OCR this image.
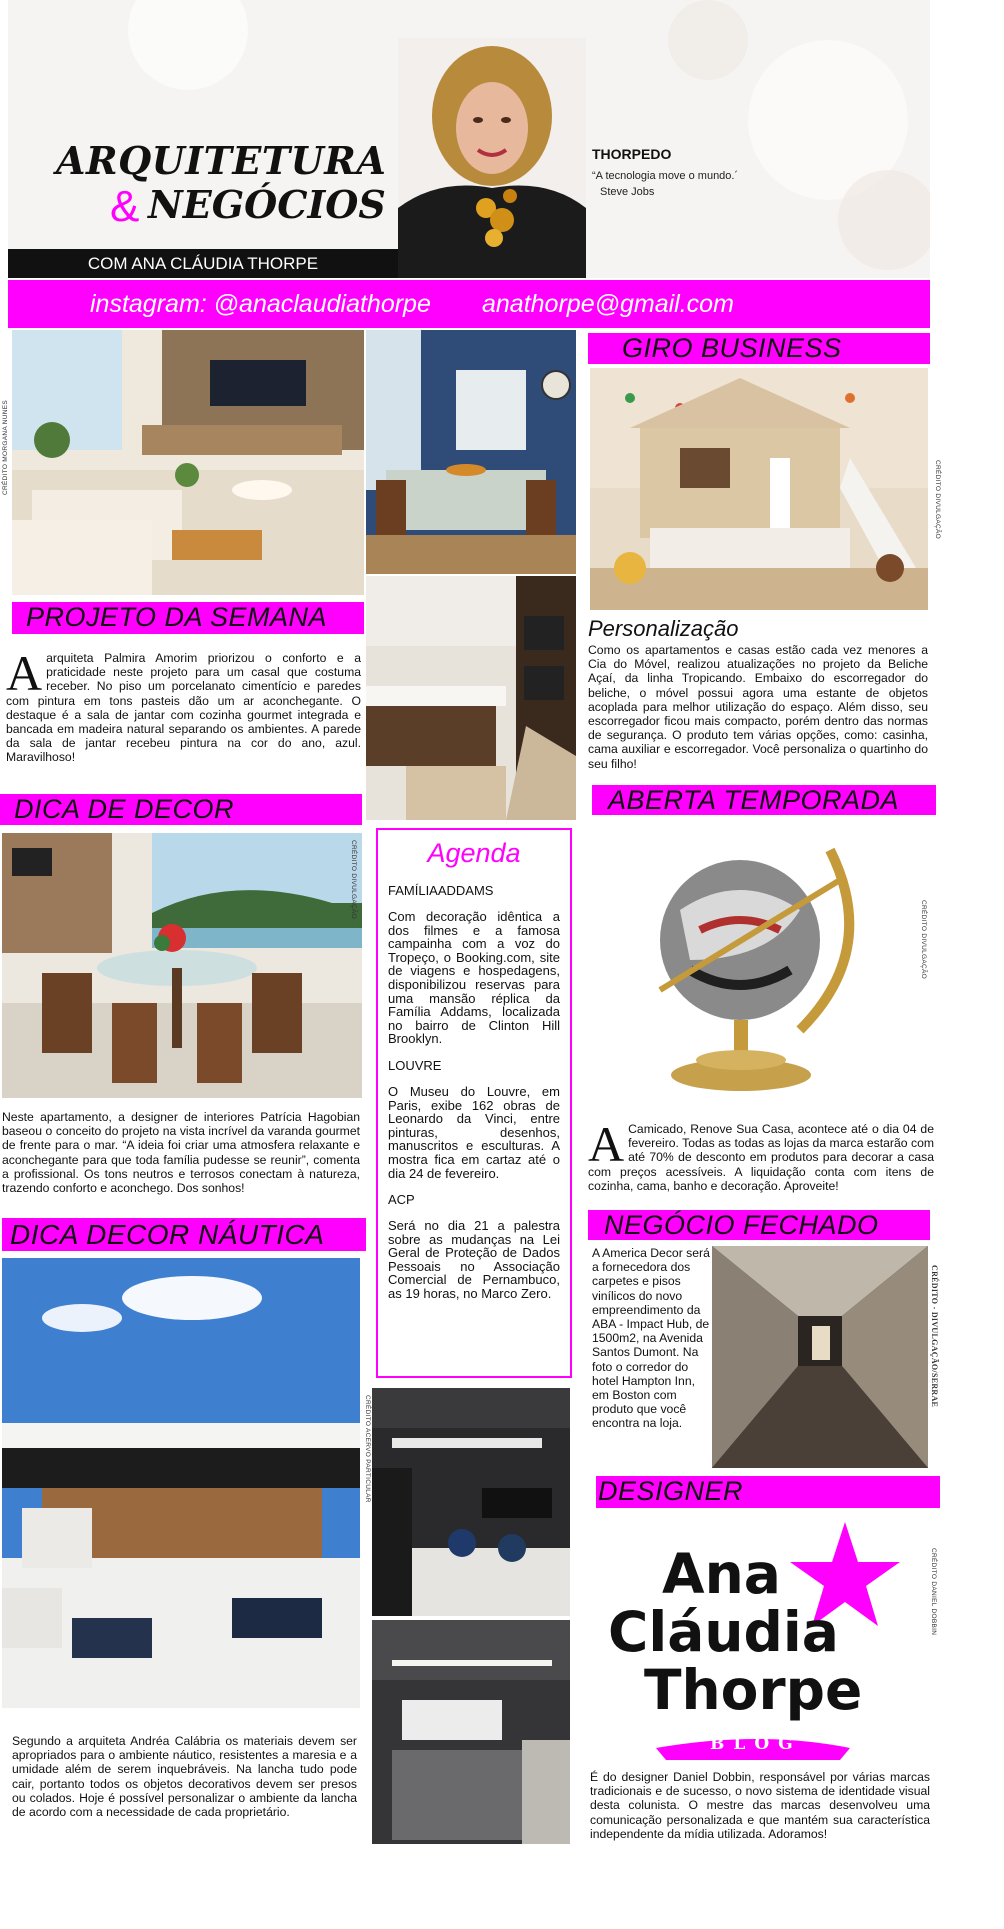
ARQUITETURA
& NEGÓCIOS
THORPEDO
“A tecnologia move o mundo.´
Steve Jobs
COM ANA CLÁUDIA THORPE
instagram: @anaclaudiathorpe anathorpe@gmail.com
CRÉDITO MORGANA NUNES
PROJETO DA SEMANA
Aarquiteta Palmira Amorim priorizou o conforto e a praticidade neste projeto para um casal que costuma receber. No piso um porcelanato cimentício e paredes com pintura em tons pasteis dão um ar aconchegante. O destaque é a sala de jantar com cozinha gourmet integrada e bancada em madeira natural separando os ambientes. A parede da sala de jantar recebeu pintura na cor do ano, azul. Maravilhoso!
GIRO BUSINESS
CRÉDITO DIVULGAÇÃO
Personalização
Como os apartamentos e casas estão cada vez menores a Cia do Móvel, realizou atualizações no projeto da Beliche Açaí, da linha Tropicando. Embaixo do escorregador do beliche, o móvel possui agora uma estante de objetos acoplada para melhor utilização do espaço. Além disso, seu escorregador ficou mais compacto, porém dentro das normas de segurança. O produto tem várias opções, como: casinha, cama auxiliar e escorregador. Você personaliza o quartinho do seu filho!
DICA DE DECOR
CRÉDITO DIVULGAÇÃO
Neste apartamento, a designer de interiores Patrícia Hagobian baseou o conceito do projeto na vista incrível da varanda gourmet de frente para o mar. “A ideia foi criar uma atmosfera relaxante e aconchegante para que toda família pudesse se reunir”, comenta a profissional. Os tons neutros e terrosos conectam à natureza, trazendo conforto e aconchego. Dos sonhos!
Agenda
FAMÍLIAADDAMS
Com decoração idêntica a dos filmes e a famosa campainha com a voz do Tropeço, o Booking.com, site de viagens e hospedagens, disponibilizou reservas para uma mansão réplica da Família Addams, localizada no bairro de Clinton Hill Brooklyn.
LOUVRE
O Museu do Louvre, em Paris, exibe 162 obras de Leonardo da Vinci, entre pinturas, desenhos, manuscritos e esculturas. A mostra fica em cartaz até o dia 24 de fevereiro.
ACP
Será no dia 21 a palestra sobre as mudanças na Lei Geral de Proteção de Dados Pessoais no Associação Comercial de Pernambuco, as 19 horas, no Marco Zero.
ABERTA TEMPORADA
CRÉDITO DIVULGAÇÃO
A Camicado, Renove Sua Casa, acontece até o dia 04 de fevereiro. Todas as todas as lojas da marca estarão com até 70% de desconto em produtos para decorar a casa com preços acessíveis. A liquidação conta com itens de cozinha, cama, banho e decoração. Aproveite!
DICA DECOR NÁUTICA
CRÉDITO ACERVO PARTICULAR
Segundo a arquiteta Andréa Calábria os materiais devem ser apropriados para o ambiente náutico, resistentes a maresia e a umidade além de serem inquebráveis. Na lancha tudo pode cair, portanto todos os objetos decorativos devem ser presos ou colados. Hoje é possível personalizar o ambiente da lancha de acordo com a necessidade de cada proprietário.
NEGÓCIO FECHADO
A America Decor será a fornecedora dos carpetes e pisos vinílicos do novo empreendimento da ABA - Impact Hub, de 1500m2, na Avenida Santos Dumont. Na foto o corredor do hotel Hampton Inn, em Boston com produto que você encontra na loja.
CRÉDITO - DIVULGAÇÃO/SERRAE
DESIGNER
Ana
Cláudia
Thorpe
BLOG
CRÉDITO DANIEL DOBBIN
É do designer Daniel Dobbin, responsável por várias marcas tradicionais e de sucesso, o novo sistema de identidade visual desta colunista. O mestre das marcas desenvolveu uma comunicação personalizada e que mantém sua característica independente da mídia utilizada. Adoramos!
